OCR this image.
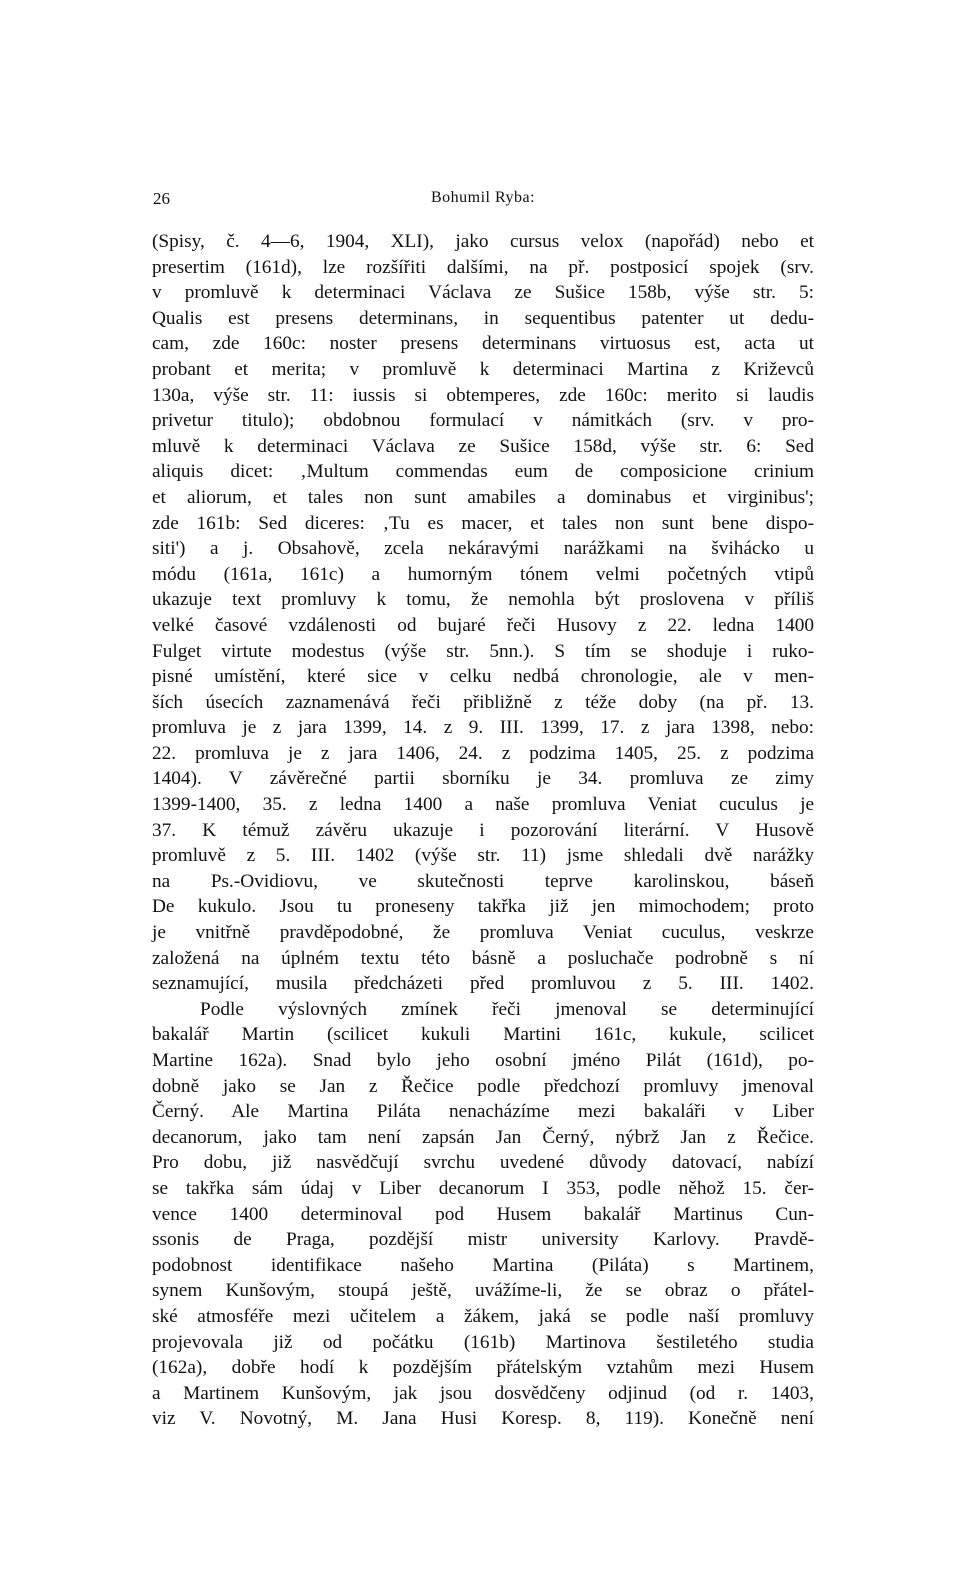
26	Bohumil Ryba:
(Spisy, č. 4—6, 1904, XLI), jako cursus velox (napořád) nebo et
presertim (161d), lze rozšířiti dalšími, na př. postposicí spojek (srv.
v promluvě k determinaci Václava ze Sušice 158b, výše str. 5:
Qualis est presens determinans, in sequentibus patenter ut dedu-
cam, zde 160c: noster presens determinans virtuosus est, acta ut
probant et merita; v promluvě k determinaci Martina z Križevců
130a, výše str. 11: iussis si obtemperes, zde 160c: merito si laudis
privetur titulo); obdobnou formulací v námitkách (srv. v pro-
mluvě k determinaci Václava ze Sušice 158d, výše str. 6: Sed
aliquis dicet: ‚Multum commendas eum de composicione crinium
et aliorum, et tales non sunt amabiles a dominabus et virginibus';
zde 161b: Sed diceres: ‚Tu es macer, et tales non sunt bene dispo-
siti') a j. Obsahově, zcela nekáravými narážkami na švihácko u
módu (161a, 161c) a humorným tónem velmi početných vtipů
ukazuje text promluvy k tomu, že nemohla být proslovena v příliš
velké časové vzdálenosti od bujaré řeči Husovy z 22. ledna 1400
Fulget virtute modestus (výše str. 5nn.). S tím se shoduje i ruko-
pisné umístění, které sice v celku nedbá chronologie, ale v men-
ších úsecích zaznamenává řeči přibližně z téže doby (na př. 13.
promluva je z jara 1399, 14. z 9. III. 1399, 17. z jara 1398, nebo:
22. promluva je z jara 1406, 24. z podzima 1405, 25. z podzima
1404). V závěrečné partii sborníku je 34. promluva ze zimy
1399-1400, 35. z ledna 1400 a naše promluva Veniat cuculus je
37. K témuž závěru ukazuje i pozorování literární. V Husově
promluvě z 5. III. 1402 (výše str. 11) jsme shledali dvě narážky
na Ps.-Ovidiovu, ve skutečnosti teprve karolinskou, báseň
De kukulo. Jsou tu proneseny takřka již jen mimochodem; proto
je vnitřně pravděpodobné, že promluva Veniat cuculus, veskrze
založená na úplném textu této básně a posluchače podrobně s ní
seznamující, musila předcházeti před promluvou z 5. III. 1402.
Podle výslovných zmínek řeči jmenoval se determinující
bakalář Martin (scilicet kukuli Martini 161c, kukule, scilicet
Martine 162a). Snad bylo jeho osobní jméno Pilát (161d), po-
dobně jako se Jan z Řečice podle předchozí promluvy jmenoval
Černý. Ale Martina Piláta nenacházíme mezi bakaláři v Liber
decanorum, jako tam není zapsán Jan Černý, nýbrž Jan z Řečice.
Pro dobu, již nasvědčují svrchu uvedené důvody datovací, nabízí
se takřka sám údaj v Liber decanorum I 353, podle něhož 15. čer-
vence 1400 determinoval pod Husem bakalář Martinus Cun-
ssonis de Praga, pozdější mistr university Karlovy. Pravdě-
podobnost identifikace našeho Martina (Piláta) s Martinem,
synem Kunšovým, stoupá ještě, uvážíme-li, že se obraz o přátel-
ské atmosféře mezi učitelem a žákem, jaká se podle naší promluvy
projevovala již od počátku (161b) Martinova šestiletého studia
(162a), dobře hodí k pozdějším přátelským vztahům mezi Husem
a Martinem Kunšovým, jak jsou dosvědčeny odjinud (od r. 1403,
viz V. Novotný, M. Jana Husi Koresp. 8, 119). Konečně není
